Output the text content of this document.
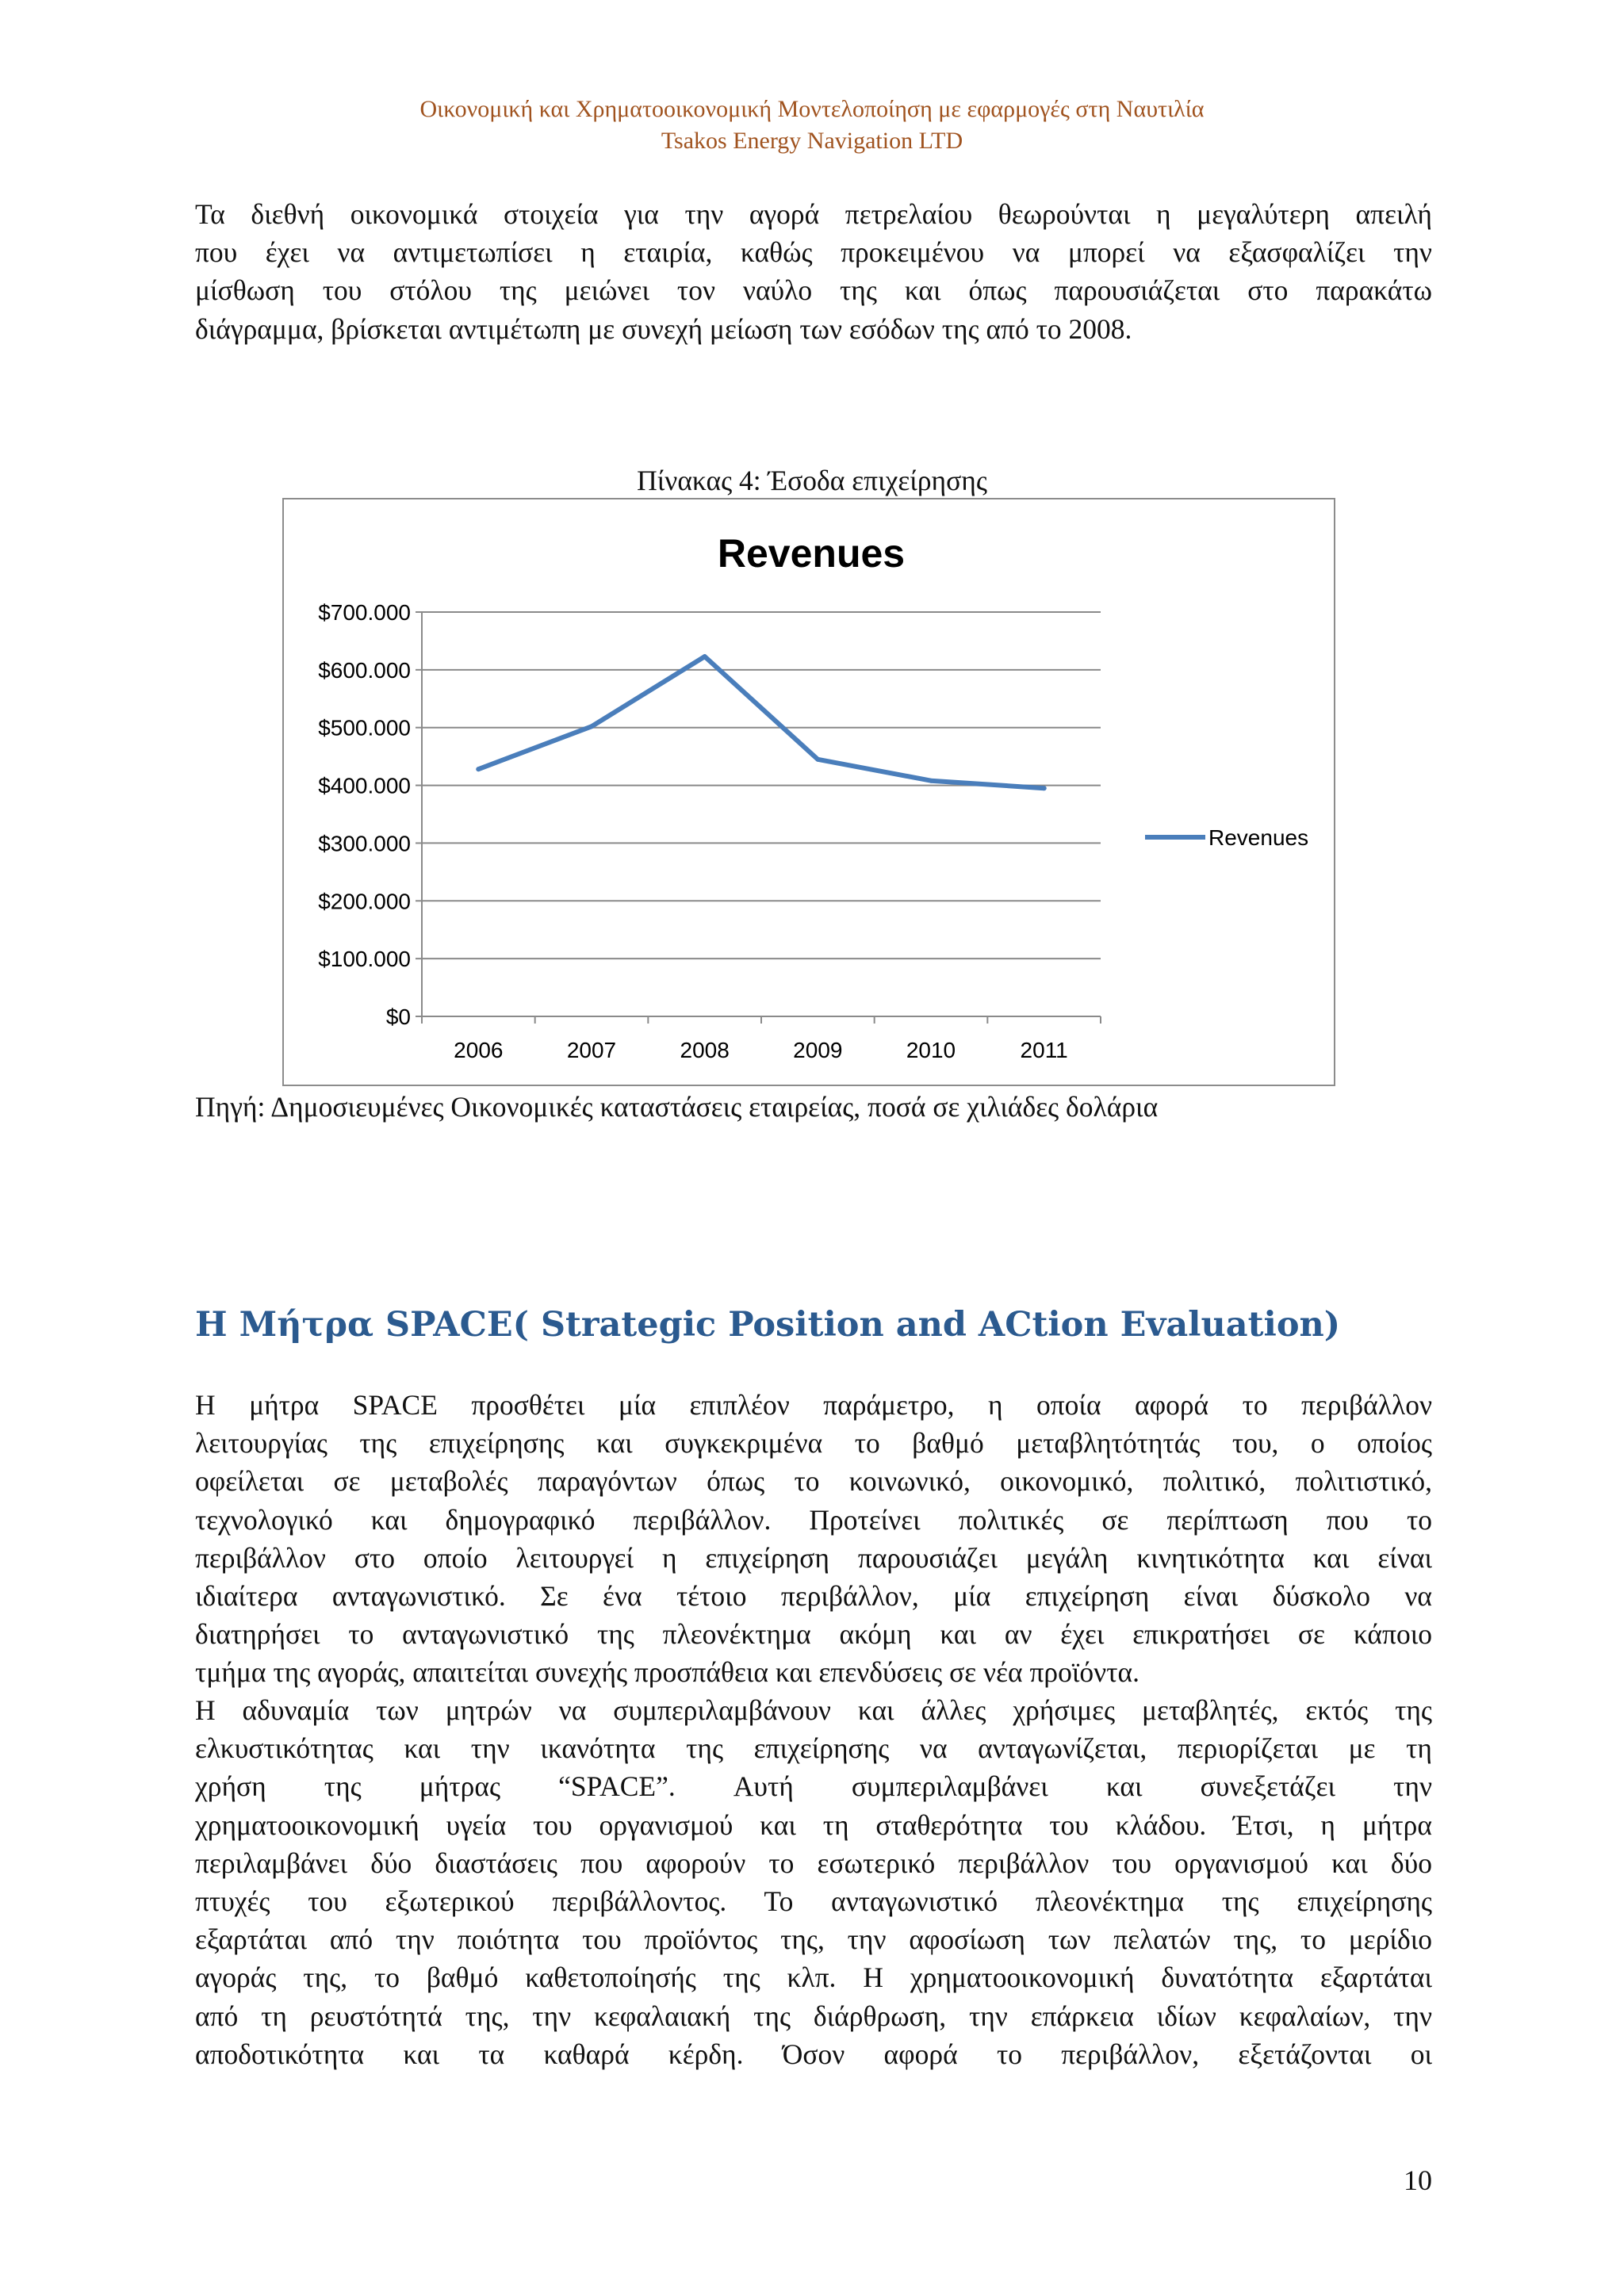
Οικονομική και Χρηματοοικονομική Μοντελοποίηση με εφαρμογές στη Ναυτιλία
Tsakos Energy Navigation LTD
Τα διεθνή οικονομικά στοιχεία για την αγορά πετρελαίου θεωρούνται η μεγαλύτερη απειλή
που έχει να αντιμετωπίσει η εταιρία, καθώς προκειμένου να μπορεί να εξασφαλίζει την
μίσθωση του στόλου της μειώνει τον ναύλο της και όπως παρουσιάζεται στο παρακάτω
διάγραμμα, βρίσκεται αντιμέτωπη με συνεχή μείωση των εσόδων της από το 2008.
Πίνακας 4: Έσοδα επιχείρησης
Revenues
$0
$100.000
$200.000
$300.000
$400.000
$500.000
$600.000
$700.000
2006	2007	2008	2009	2010	2011
Revenues
Πηγή: Δημοσιευμένες Οικονομικές καταστάσεις εταιρείας, ποσά σε χιλιάδες δολάρια
Η Μήτρα SPACE( Strategic Position and ACtion Evaluation)
Η μήτρα SPACE προσθέτει μία επιπλέον παράμετρο, η οποία αφορά το περιβάλλον
λειτουργίας της επιχείρησης και συγκεκριμένα το βαθμό μεταβλητότητάς του, ο οποίος
οφείλεται σε μεταβολές παραγόντων όπως το κοινωνικό, οικονομικό, πολιτικό, πολιτιστικό,
τεχνολογικό και δημογραφικό περιβάλλον. Προτείνει πολιτικές σε περίπτωση που το
περιβάλλον στο οποίο λειτουργεί η επιχείρηση παρουσιάζει μεγάλη κινητικότητα και είναι
ιδιαίτερα ανταγωνιστικό. Σε ένα τέτοιο περιβάλλον, μία επιχείρηση είναι δύσκολο να
διατηρήσει το ανταγωνιστικό της πλεονέκτημα ακόμη και αν έχει επικρατήσει σε κάποιο
τμήμα της αγοράς, απαιτείται συνεχής προσπάθεια και επενδύσεις σε νέα προϊόντα.
Η αδυναμία των μητρών να συμπεριλαμβάνουν και άλλες χρήσιμες μεταβλητές, εκτός της
ελκυστικότητας και την ικανότητα της επιχείρησης να ανταγωνίζεται, περιορίζεται με τη
χρήση της μήτρας “SPACE”. Αυτή συμπεριλαμβάνει και συνεξετάζει την
χρηματοοικονομική υγεία του οργανισμού και τη σταθερότητα του κλάδου. Έτσι, η μήτρα
περιλαμβάνει δύο διαστάσεις που αφορούν το εσωτερικό περιβάλλον του οργανισμού και δύο
πτυχές του εξωτερικού περιβάλλοντος. Το ανταγωνιστικό πλεονέκτημα της επιχείρησης
εξαρτάται από την ποιότητα του προϊόντος της, την αφοσίωση των πελατών της, το μερίδιο
αγοράς της, το βαθμό καθετοποίησής της κλπ. Η χρηματοοικονομική δυνατότητα εξαρτάται
από τη ρευστότητά της, την κεφαλαιακή της διάρθρωση, την επάρκεια ιδίων κεφαλαίων, την
αποδοτικότητα και τα καθαρά κέρδη. Όσον αφορά το περιβάλλον, εξετάζονται οι
10
